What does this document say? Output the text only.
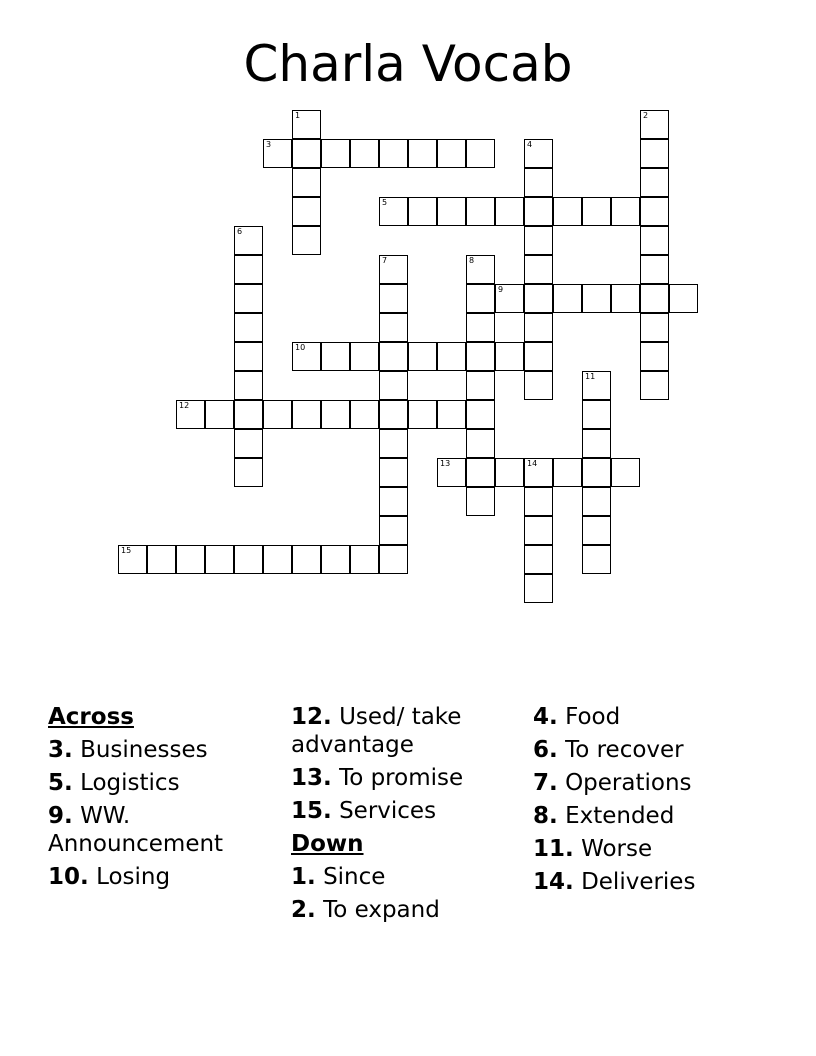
Charla Vocab
1	2
3	4
5
6
7	8
9
10
11
12
13	14
15
Across
3. Businesses
5. Logistics
9. WW. Announcement
10. Losing
12. Used/ take advantage
13. To promise
15. Services
Down
1. Since
2. To expand
4. Food
6. To recover
7. Operations
8. Extended
11. Worse
14. Deliveries
